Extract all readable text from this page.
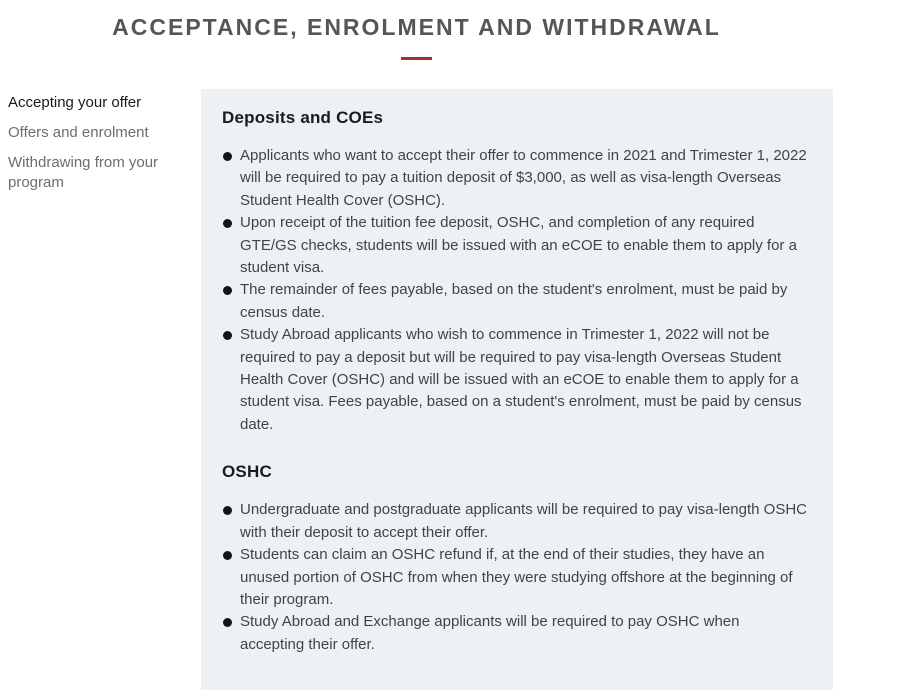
ACCEPTANCE, ENROLMENT AND WITHDRAWAL
Accepting your offer
Offers and enrolment
Withdrawing from your program
Deposits and COEs
Applicants who want to accept their offer to commence in 2021 and Trimester 1, 2022 will be required to pay a tuition deposit of $3,000, as well as visa-length Overseas Student Health Cover (OSHC).
Upon receipt of the tuition fee deposit, OSHC, and completion of any required GTE/GS checks, students will be issued with an eCOE to enable them to apply for a student visa.
The remainder of fees payable, based on the student's enrolment, must be paid by census date.
Study Abroad applicants who wish to commence in Trimester 1, 2022 will not be required to pay a deposit but will be required to pay visa-length Overseas Student Health Cover (OSHC) and will be issued with an eCOE to enable them to apply for a student visa. Fees payable, based on a student's enrolment, must be paid by census date.
OSHC
Undergraduate and postgraduate applicants will be required to pay visa-length OSHC with their deposit to accept their offer.
Students can claim an OSHC refund if, at the end of their studies, they have an unused portion of OSHC from when they were studying offshore at the beginning of their program.
Study Abroad and Exchange applicants will be required to pay OSHC when accepting their offer.
